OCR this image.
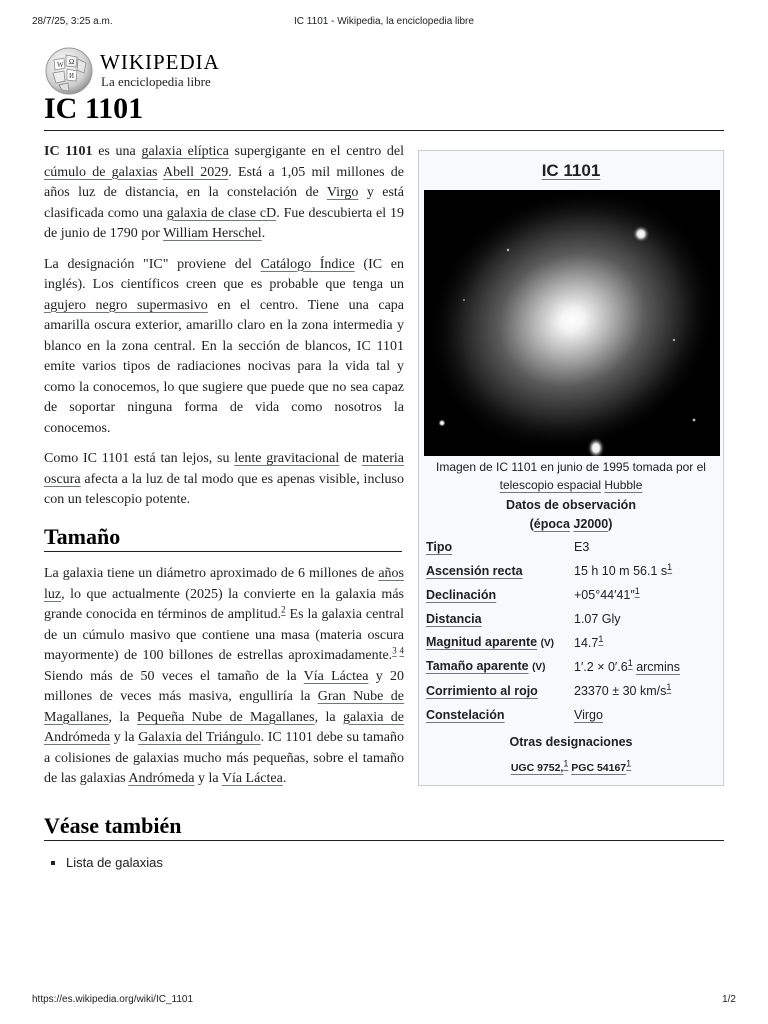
28/7/25, 3:25 a.m.	IC 1101 - Wikipedia, la enciclopedia libre
W Ω
И
WIKIPEDIA
La enciclopedia libre
IC 1101
IC 1101
Imagen de IC 1101 en junio de 1995 tomada por el telescopio espacial Hubble
Datos de observación
(época J2000)
Tipo	E3
Ascensión recta	15 h 10 m 56.1 $s^1$
Declinación	+05°44′41″$^1$
Distancia	1.07 Gly
Magnitud aparente (V)	14.7$^1$
Tamaño aparente (V)	$1'.2 \times 0'.6^1$ arcmins
Corrimiento al rojo	23370 ± 30 $km/s^1$
Constelación	Virgo
Otras designaciones
UGC 9752,$^1$ PGC 54167$^1$

IC 1101 es una galaxia elíptica supergigante en el centro del cúmulo de galaxias Abell 2029. Está a 1,05 mil millones de años luz de distancia, en la constelación de Virgo y está clasificada como una galaxia de clase cD. Fue descubierta el 19 de junio de 1790 por William Herschel.

La designación "IC" proviene del Catálogo Índice (IC en inglés). Los científicos creen que es probable que tenga un agujero negro supermasivo en el centro. Tiene una capa amarilla oscura exterior, amarillo claro en la zona intermedia y blanco en la zona central. En la sección de blancos, IC 1101 emite varios tipos de radiaciones nocivas para la vida tal y como la conocemos, lo que sugiere que puede que no sea capaz de soportar ninguna forma de vida como nosotros la conocemos.

Como IC 1101 está tan lejos, su lente gravitacional de materia oscura afecta a la luz de tal modo que es apenas visible, incluso con un telescopio potente.

Tamaño

La galaxia tiene un diámetro aproximado de 6 millones de años luz, lo que actualmente (2025) la convierte en la galaxia más grande conocida en términos de amplitud.$^2$ Es la galaxia central de un cúmulo masivo que contiene una masa (materia oscura mayormente) de 100 billones de estrellas aproximadamente.$^3$  $^4$ Siendo más de 50 veces el tamaño de la Vía Láctea y 20 millones de veces más masiva, engulliría la Gran Nube de Magallanes, la Pequeña Nube de Magallanes, la galaxia de Andrómeda y la Galaxia del Triángulo. IC 1101 debe su tamaño a colisiones de galaxias mucho más pequeñas, sobre el tamaño de las galaxias Andrómeda y la Vía Láctea.

Véase también
▪ Lista de galaxias
https://es.wikipedia.org/wiki/IC_1101	1/2
